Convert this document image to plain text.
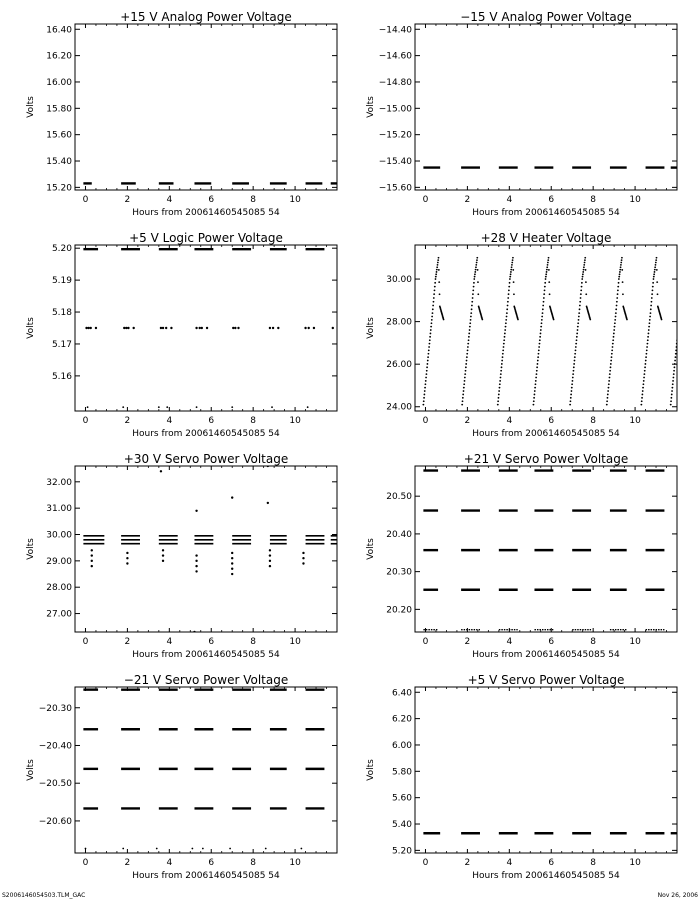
+15 V Analog Power Voltage
0	2	4	6	8	10
15.20
15.40
15.60
15.80
16.00
16.20
16.40
Hours from 20061460545085 54
Volts
−15 V Analog Power Voltage
0	2	4	6	8	10
−15.60
−15.40
−15.20
−15.00
−14.80
−14.60
−14.40
Hours from 20061460545085 54
Volts
+5 V Logic Power Voltage
0	2	4	6	8	10
5.16
5.17
5.18
5.19
5.20
Hours from 20061460545085 54
Volts
+28 V Heater Voltage
0	2	4	6	8	10
24.00
26.00
28.00
30.00
Hours from 20061460545085 54
Volts
+30 V Servo Power Voltage
0	2	4	6	8	10
27.00
28.00
29.00
30.00
31.00
32.00
Hours from 20061460545085 54
Volts
+21 V Servo Power Voltage
0	2	4	6	8	10
20.20
20.30
20.40
20.50
Hours from 20061460545085 54
Volts
−21 V Servo Power Voltage
0	2	4	6	8	10
−20.60
−20.50
−20.40
−20.30
Hours from 20061460545085 54
Volts
+5 V Servo Power Voltage
0	2	4	6	8	10
5.20
5.40
5.60
5.80
6.00
6.20
6.40
Hours from 20061460545085 54
Volts
S2006146054503.TLM_GAC	Nov 26, 2006
